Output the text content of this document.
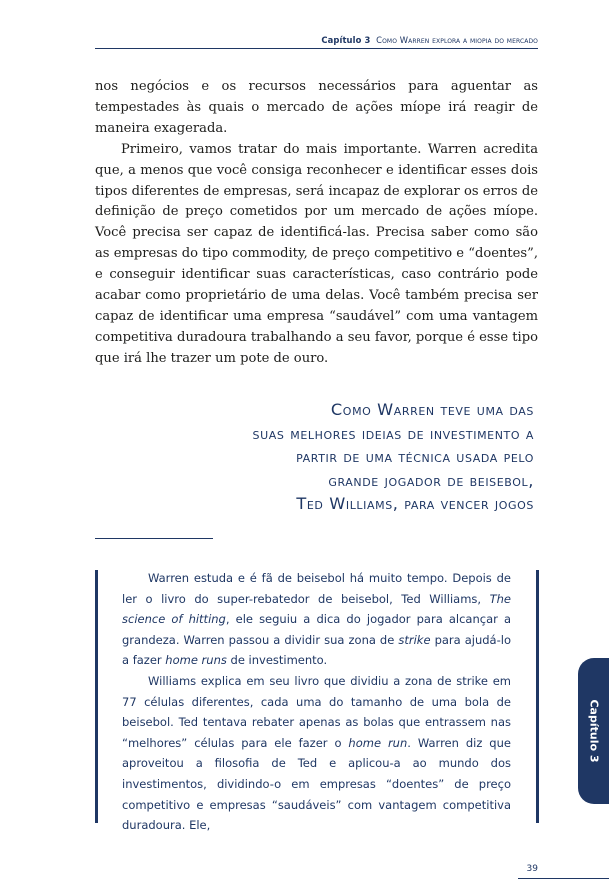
Capítulo 3 Como Warren explora a miopia do mercado

nos negócios e os recursos necessários para aguentar as tempestades às quais o mercado de ações míope irá reagir de maneira exagerada.

Primeiro, vamos tratar do mais importante. Warren acredita que, a menos que você consiga reconhecer e identificar esses dois tipos diferentes de empresas, será incapaz de explorar os erros de definição de preço cometidos por um mercado de ações míope. Você precisa ser capaz de identificá-las. Precisa saber como são as empresas do tipo commodity, de preço competitivo e “doentes”, e conseguir identificar suas características, caso contrário pode acabar como proprietário de uma delas. Você também precisa ser capaz de identificar uma empresa “saudável” com uma vantagem competitiva duradoura trabalhando a seu favor, porque é esse tipo que irá lhe trazer um pote de ouro.

Como Warren teve uma das
suas melhores ideias de investimento a
partir de uma técnica usada pelo
grande jogador de beisebol,
Ted Williams, para vencer jogos

Warren estuda e é fã de beisebol há muito tempo. Depois de ler o livro do super-rebatedor de beisebol, Ted Williams, The science of hitting, ele seguiu a dica do jogador para alcançar a grandeza. Warren passou a dividir sua zona de strike para ajudá-lo a fazer home runs de investimento.

Williams explica em seu livro que dividiu a zona de strike em 77 células diferentes, cada uma do tamanho de uma bola de beisebol. Ted tentava rebater apenas as bolas que entrassem nas “melhores” células para ele fazer o home run. Warren diz que aproveitou a filosofia de Ted e aplicou-a ao mundo dos investimentos, dividindo-o em empresas “doentes” de preço competitivo e empresas “saudáveis” com vantagem competitiva duradoura. Ele,

Capítulo 3
39
